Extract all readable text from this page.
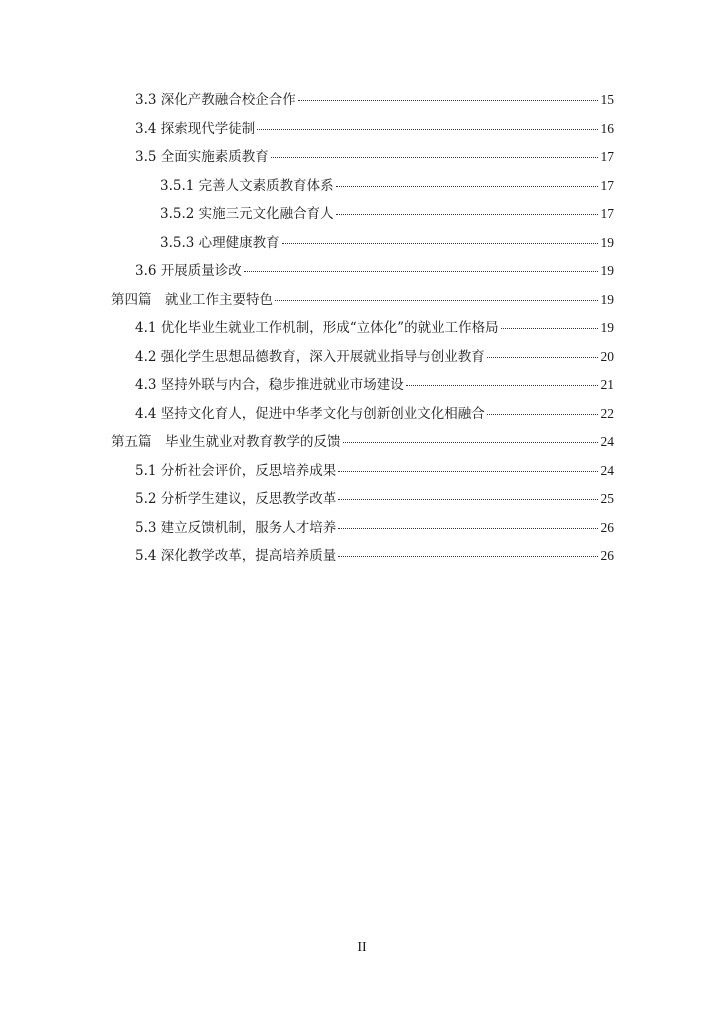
3.3 深化产教融合校企合作	15
3.4 探索现代学徒制	16
3.5 全面实施素质教育	17
3.5.1 完善人文素质教育体系	17
3.5.2 实施三元文化融合育人	17
3.5.3 心理健康教育	19
3.6 开展质量诊改	19
第四篇　就业工作主要特色	19
4.1 优化毕业生就业工作机制，形成“立体化”的就业工作格局	19
4.2 强化学生思想品德教育，深入开展就业指导与创业教育	20
4.3 坚持外联与内合，稳步推进就业市场建设	21
4.4 坚持文化育人，促进中华孝文化与创新创业文化相融合	22
第五篇　毕业生就业对教育教学的反馈	24
5.1 分析社会评价，反思培养成果	24
5.2 分析学生建议，反思教学改革	25
5.3 建立反馈机制，服务人才培养	26
5.4 深化教学改革，提高培养质量	26
II
